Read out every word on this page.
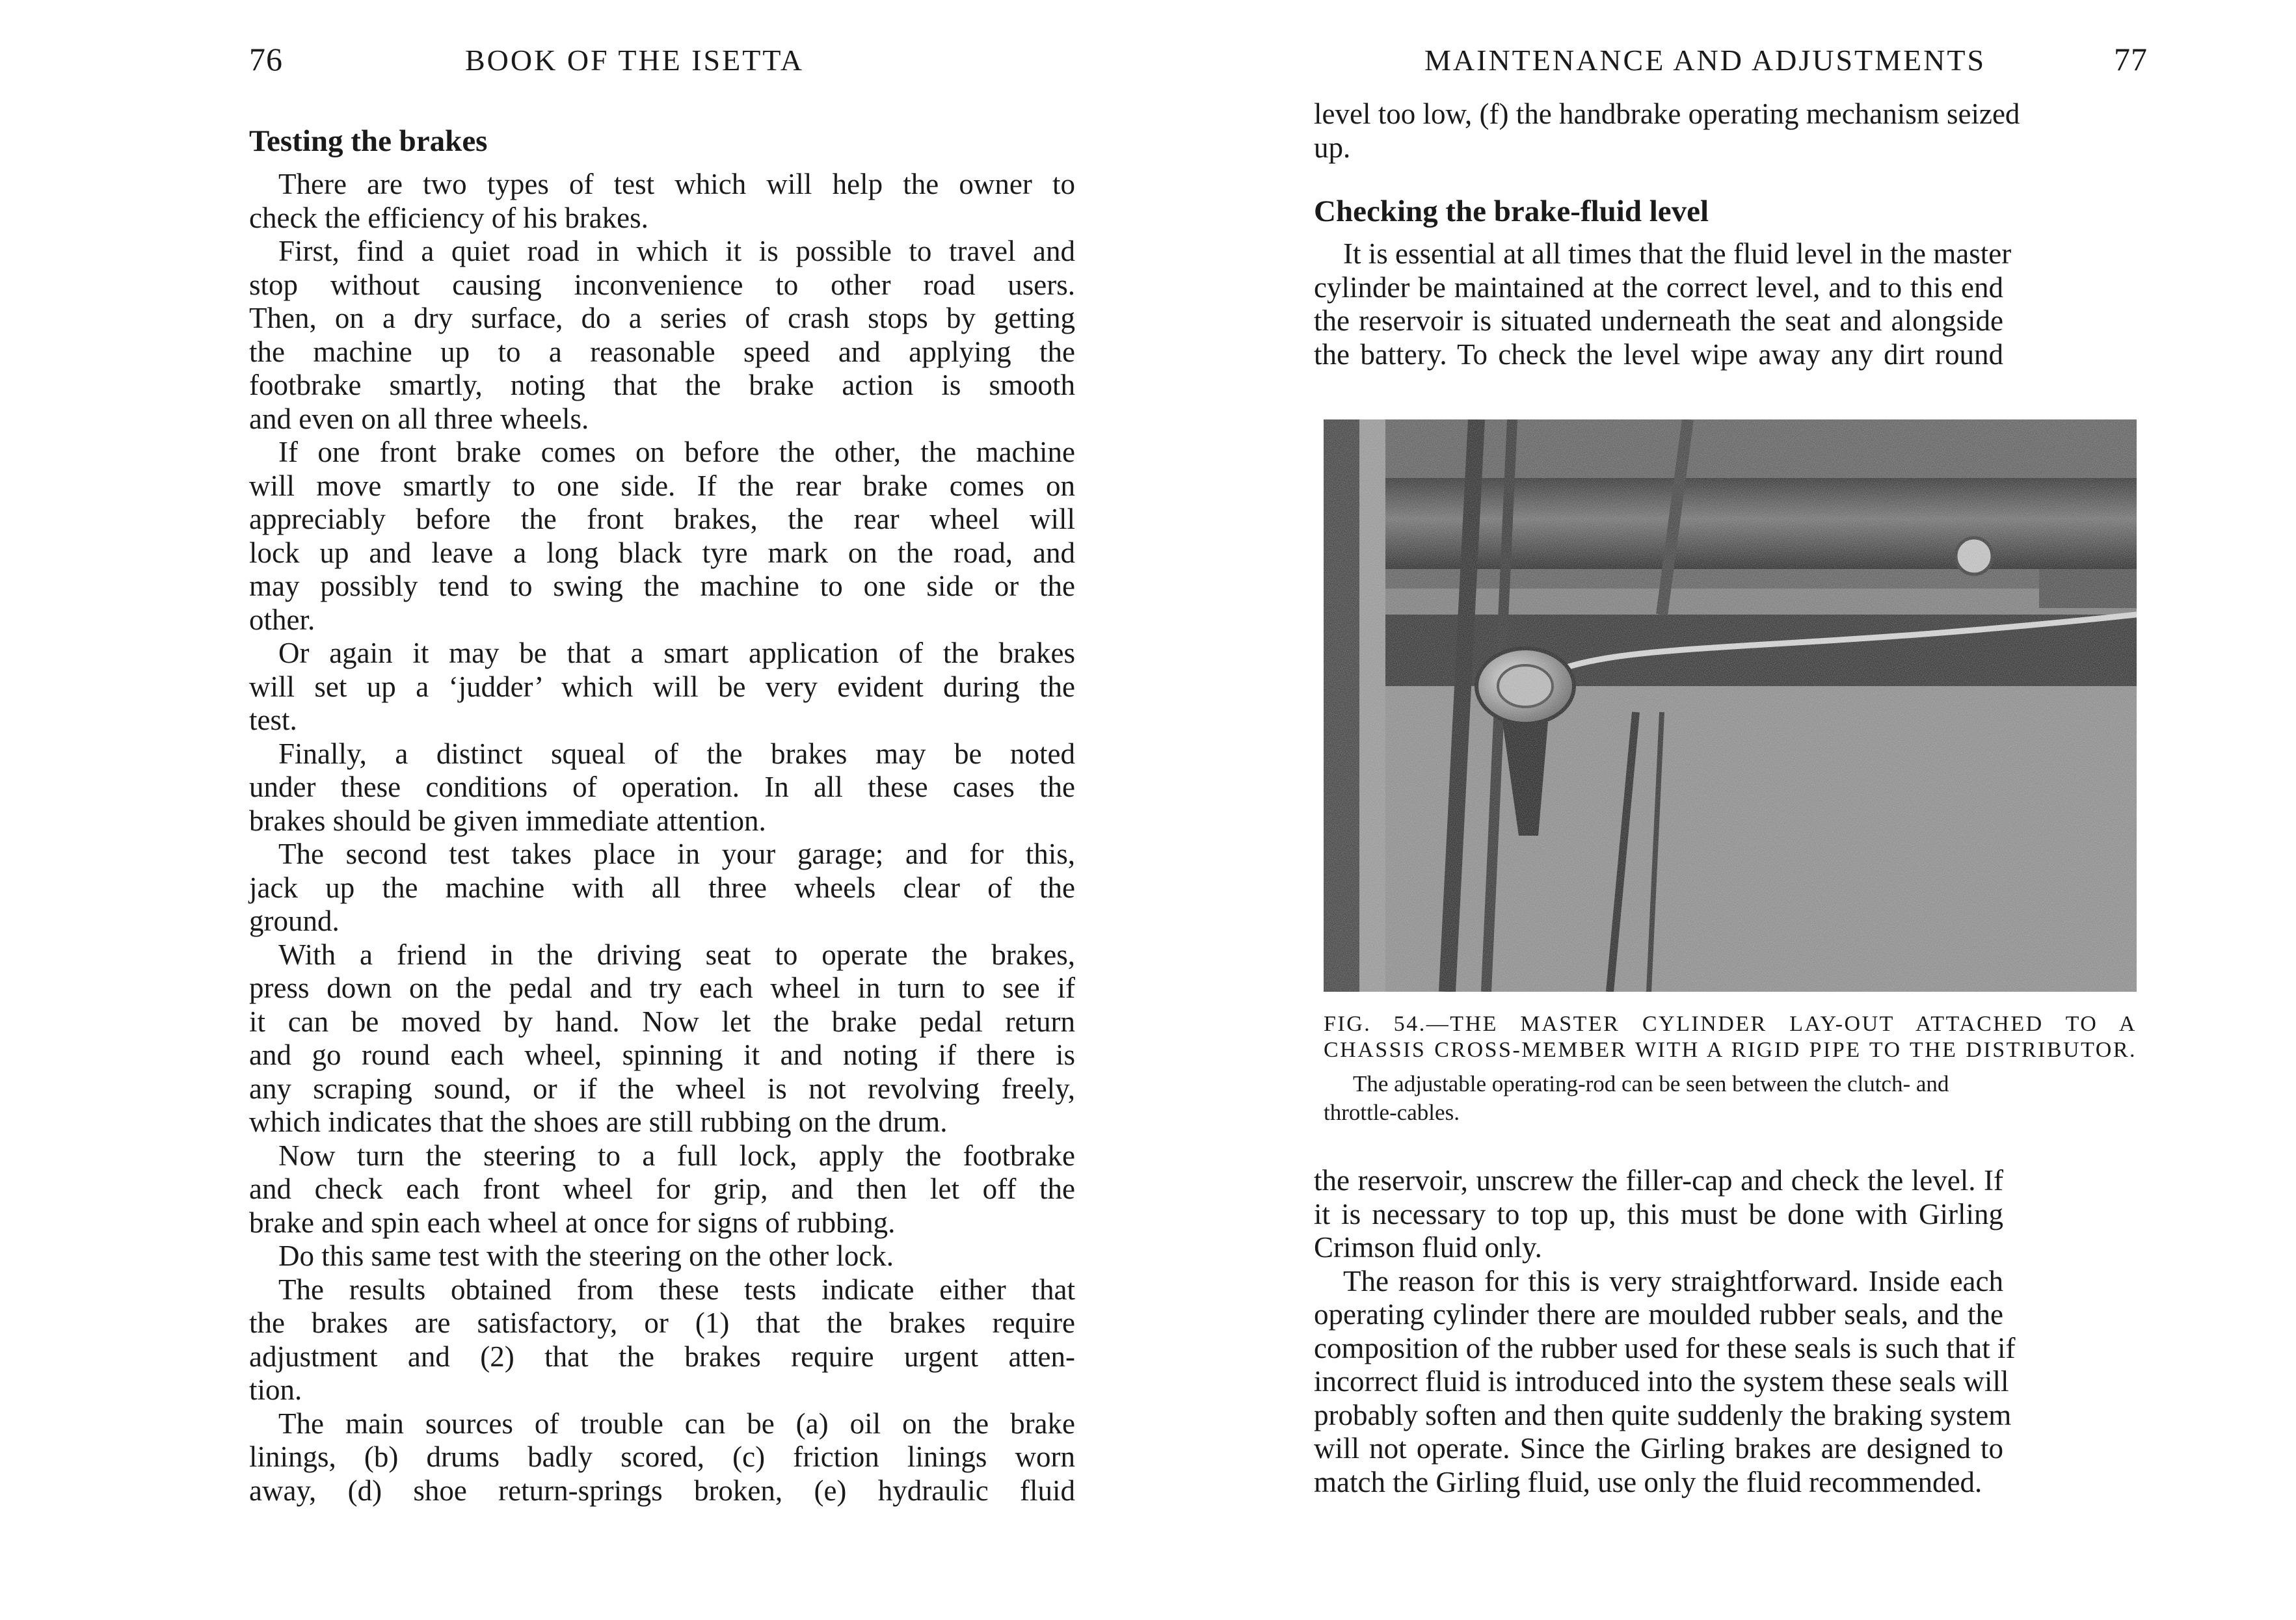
76	BOOK OF THE ISETTA
Testing the brakes
There are two types of test which will help the owner to
check the efficiency of his brakes.
First, find a quiet road in which it is possible to travel and
stop without causing inconvenience to other road users.
Then, on a dry surface, do a series of crash stops by getting
the machine up to a reasonable speed and applying the
footbrake smartly, noting that the brake action is smooth
and even on all three wheels.
If one front brake comes on before the other, the machine
will move smartly to one side. If the rear brake comes on
appreciably before the front brakes, the rear wheel will
lock up and leave a long black tyre mark on the road, and
may possibly tend to swing the machine to one side or the
other.
Or again it may be that a smart application of the brakes
will set up a ‘judder’ which will be very evident during the
test.
Finally, a distinct squeal of the brakes may be noted
under these conditions of operation. In all these cases the
brakes should be given immediate attention.
The second test takes place in your garage; and for this,
jack up the machine with all three wheels clear of the
ground.
With a friend in the driving seat to operate the brakes,
press down on the pedal and try each wheel in turn to see if
it can be moved by hand. Now let the brake pedal return
and go round each wheel, spinning it and noting if there is
any scraping sound, or if the wheel is not revolving freely,
which indicates that the shoes are still rubbing on the drum.
Now turn the steering to a full lock, apply the footbrake
and check each front wheel for grip, and then let off the
brake and spin each wheel at once for signs of rubbing.
Do this same test with the steering on the other lock.
The results obtained from these tests indicate either that
the brakes are satisfactory, or (1) that the brakes require
adjustment and (2) that the brakes require urgent atten-
tion.
The main sources of trouble can be (a) oil on the brake
linings, (b) drums badly scored, (c) friction linings worn
away, (d) shoe return-springs broken, (e) hydraulic fluid
MAINTENANCE AND ADJUSTMENTS	77
level too low, (f) the handbrake operating mechanism seized
up.
Checking the brake-fluid level
It is essential at all times that the fluid level in the master
cylinder be maintained at the correct level, and to this end
the reservoir is situated underneath the seat and alongside
the battery. To check the level wipe away any dirt round
FIG. 54.—THE MASTER CYLINDER LAY-OUT ATTACHED TO A
CHASSIS CROSS-MEMBER WITH A RIGID PIPE TO THE DISTRIBUTOR.
The adjustable operating-rod can be seen between the clutch- and
throttle-cables.
the reservoir, unscrew the filler-cap and check the level. If
it is necessary to top up, this must be done with Girling
Crimson fluid only.
The reason for this is very straightforward. Inside each
operating cylinder there are moulded rubber seals, and the
composition of the rubber used for these seals is such that if
incorrect fluid is introduced into the system these seals will
probably soften and then quite suddenly the braking system
will not operate. Since the Girling brakes are designed to
match the Girling fluid, use only the fluid recommended.
